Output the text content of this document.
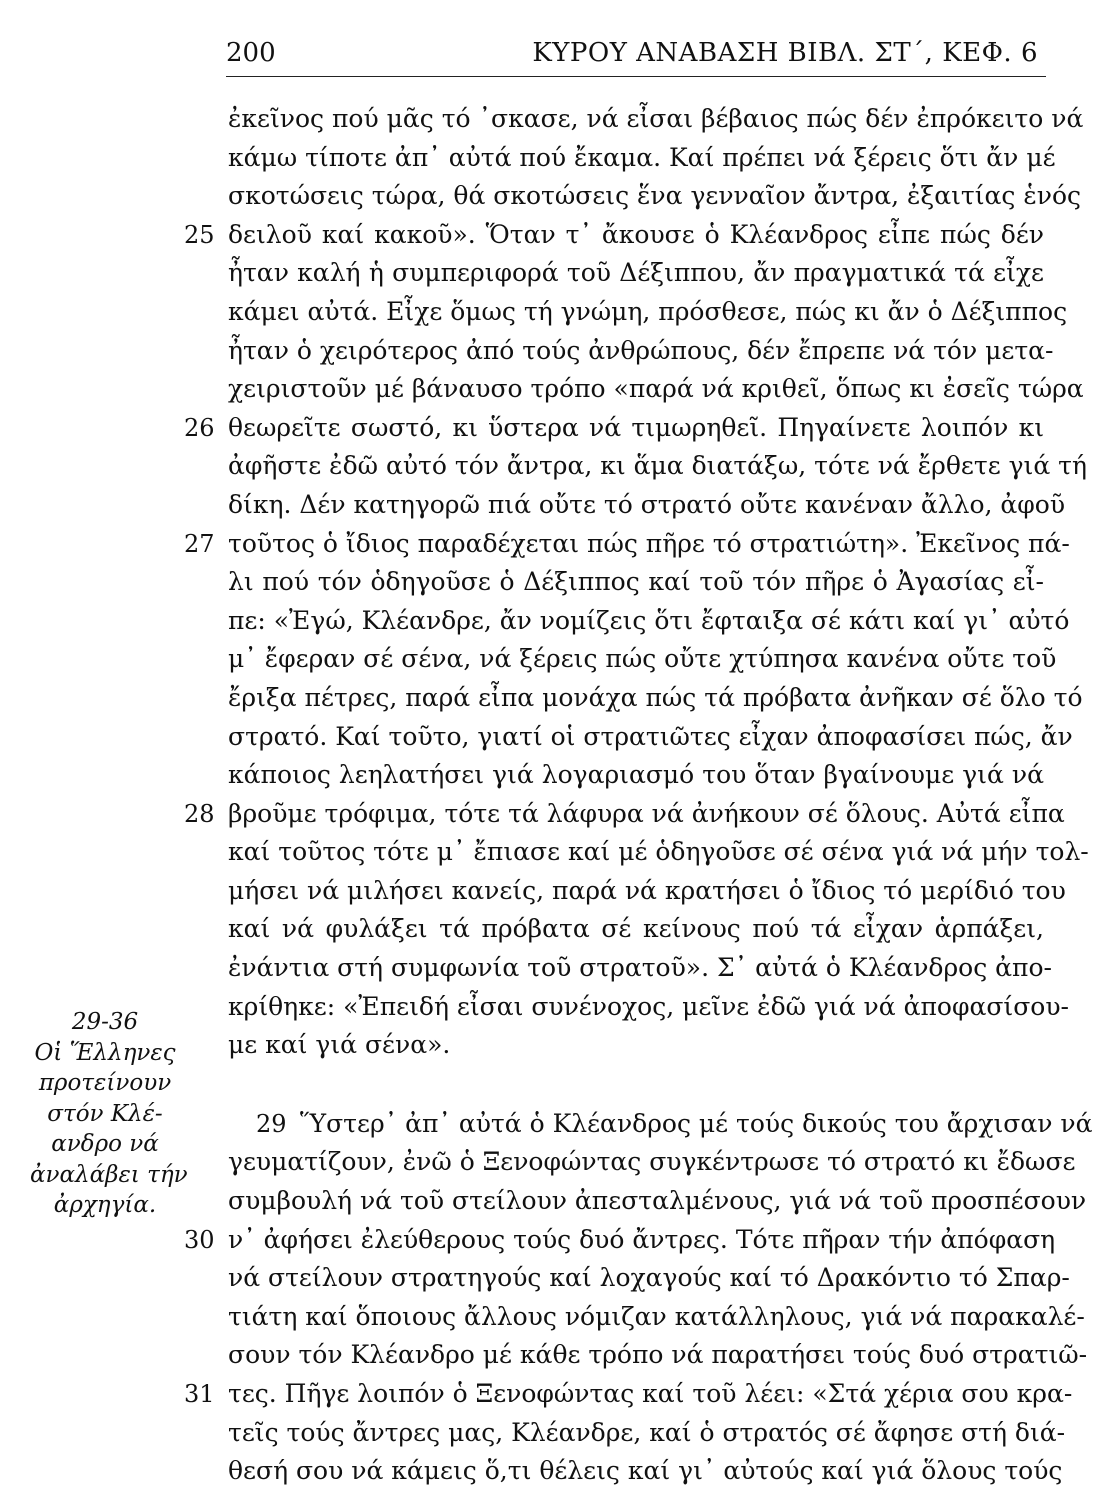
200	ΚΥΡΟΥ ΑΝΑΒΑΣΗ ΒΙΒΛ. ΣΤ΄, ΚΕΦ. 6
29-36
Οἱ Ἕλληνες
προτείνουν
στόν Κλέ-
ανδρο νά
ἀναλάβει τήν
ἀρχηγία.
ἐκεῖνος πού μᾶς τό ᾽σκασε, νά εἶσαι βέβαιος πώς δέν ἐπρόκειτο νά
κάμω τίποτε ἀπ᾽ αὐτά πού ἔκαμα. Καί πρέπει νά ξέρεις ὅτι ἄν μέ
σκοτώσεις τώρα, θά σκοτώσεις ἕνα γενναῖον ἄντρα, ἐξαιτίας ἑνός
25 δειλοῦ καί κακοῦ». Ὅταν τ᾽ ἄκουσε ὁ Κλέανδρος εἶπε πώς δέν
ἦταν καλή ἡ συμπεριφορά τοῦ Δέξιππου, ἄν πραγματικά τά εἶχε
κάμει αὐτά. Εἶχε ὅμως τή γνώμη, πρόσθεσε, πώς κι ἄν ὁ Δέξιππος
ἦταν ὁ χειρότερος ἀπό τούς ἀνθρώπους, δέν ἔπρεπε νά τόν μετα-
χειριστοῦν μέ βάναυσο τρόπο «παρά νά κριθεῖ, ὅπως κι ἐσεῖς τώρα
26 θεωρεῖτε σωστό, κι ὕστερα νά τιμωρηθεῖ. Πηγαίνετε λοιπόν κι
ἀφῆστε ἐδῶ αὐτό τόν ἄντρα, κι ἅμα διατάξω, τότε νά ἔρθετε γιά τή
δίκη. Δέν κατηγορῶ πιά οὔτε τό στρατό οὔτε κανέναν ἄλλο, ἀφοῦ
27 τοῦτος ὁ ἴδιος παραδέχεται πώς πῆρε τό στρατιώτη». Ἐκεῖνος πά-
λι πού τόν ὁδηγοῦσε ὁ Δέξιππος καί τοῦ τόν πῆρε ὁ Ἀγασίας εἶ-
πε: «Ἐγώ, Κλέανδρε, ἄν νομίζεις ὅτι ἔφταιξα σέ κάτι καί γι᾽ αὐτό
μ᾽ ἔφεραν σέ σένα, νά ξέρεις πώς οὔτε χτύπησα κανένα οὔτε τοῦ
ἔριξα πέτρες, παρά εἶπα μονάχα πώς τά πρόβατα ἀνῆκαν σέ ὅλο τό
στρατό. Καί τοῦτο, γιατί οἱ στρατιῶτες εἶχαν ἀποφασίσει πώς, ἄν
κάποιος λεηλατήσει γιά λογαριασμό του ὅταν βγαίνουμε γιά νά
28 βροῦμε τρόφιμα, τότε τά λάφυρα νά ἀνήκουν σέ ὅλους. Αὐτά εἶπα
καί τοῦτος τότε μ᾽ ἔπιασε καί μέ ὁδηγοῦσε σέ σένα γιά νά μήν τολ-
μήσει νά μιλήσει κανείς, παρά νά κρατήσει ὁ ἴδιος τό μερίδιό του
καί νά φυλάξει τά πρόβατα σέ κείνους πού τά εἶχαν ἁρπάξει,
ἐνάντια στή συμφωνία τοῦ στρατοῦ». Σ᾽ αὐτά ὁ Κλέανδρος ἀπο-
κρίθηκε: «Ἐπειδή εἶσαι συνένοχος, μεῖνε ἐδῶ γιά νά ἀποφασίσου-
με καί γιά σένα».
29 Ὕστερ᾽ ἀπ᾽ αὐτά ὁ Κλέανδρος μέ τούς δικούς του ἄρχισαν νά
γευματίζουν, ἐνῶ ὁ Ξενοφώντας συγκέντρωσε τό στρατό κι ἔδωσε
συμβουλή νά τοῦ στείλουν ἀπεσταλμένους, γιά νά τοῦ προσπέσουν
30 ν᾽ ἀφήσει ἐλεύθερους τούς δυό ἄντρες. Τότε πῆραν τήν ἀπόφαση
νά στείλουν στρατηγούς καί λοχαγούς καί τό Δρακόντιο τό Σπαρ-
τιάτη καί ὅποιους ἄλλους νόμιζαν κατάλληλους, γιά νά παρακαλέ-
σουν τόν Κλέανδρο μέ κάθε τρόπο νά παρατήσει τούς δυό στρατιῶ-
31 τες. Πῆγε λοιπόν ὁ Ξενοφώντας καί τοῦ λέει: «Στά χέρια σου κρα-
τεῖς τούς ἄντρες μας, Κλέανδρε, καί ὁ στρατός σέ ἄφησε στή διά-
θεσή σου νά κάμεις ὅ,τι θέλεις καί γι᾽ αὐτούς καί γιά ὅλους τούς
